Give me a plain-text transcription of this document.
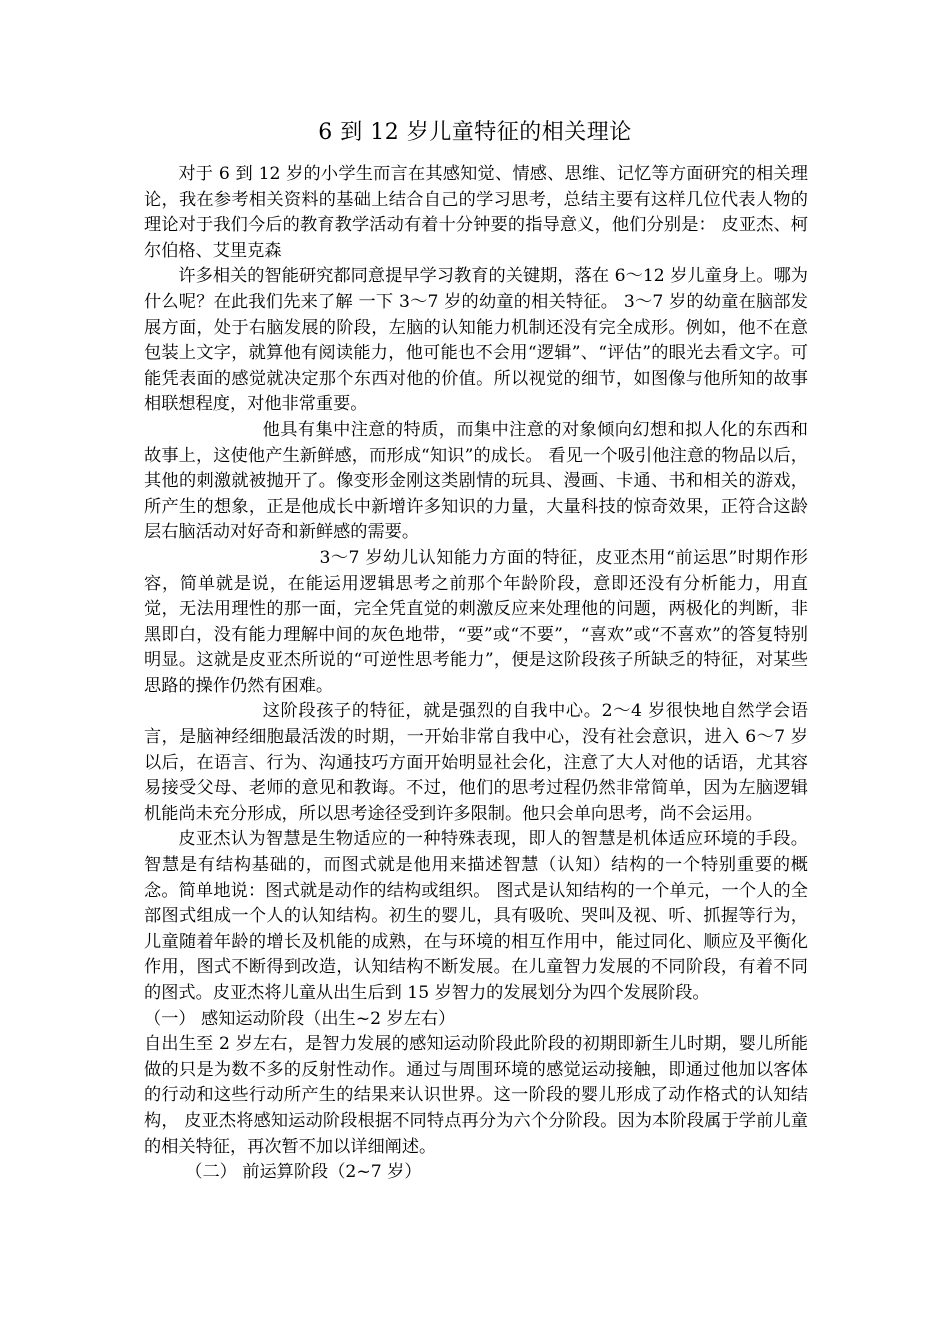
6 到 12 岁儿童特征的相关理论

对于 6 到 12 岁的小学生而言在其感知觉、情感、思维、记忆等方面研究的相关理论，我在参考相关资料的基础上结合自己的学习思考，总结主要有这样几位代表人物的理论对于我们今后的教育教学活动有着十分钟要的指导意义，他们分别是： 皮亚杰、柯尔伯格、艾里克森

许多相关的智能研究都同意提早学习教育的关键期，落在 6～12 岁儿童身上。哪为什么呢？在此我们先来了解 一下 3～7 岁的幼童的相关特征。 3～7 岁的幼童在脑部发展方面，处于右脑发展的阶段，左脑的认知能力机制还没有完全成形。例如，他不在意包装上文字，就算他有阅读能力，他可能也不会用“逻辑”、“评估”的眼光去看文字。可能凭表面的感觉就决定那个东西对他的价值。所以视觉的细节，如图像与他所知的故事相联想程度，对他非常重要。

他具有集中注意的特质，而集中注意的对象倾向幻想和拟人化的东西和故事上，这使他产生新鲜感，而形成“知识”的成长。 看见一个吸引他注意的物品以后，其他的刺激就被抛开了。像变形金刚这类剧情的玩具、漫画、卡通、书和相关的游戏，所产生的想象，正是他成长中新增许多知识的力量，大量科技的惊奇效果，正符合这龄层右脑活动对好奇和新鲜感的需要。

3～7 岁幼儿认知能力方面的特征，皮亚杰用“前运思”时期作形容，简单就是说，在能运用逻辑思考之前那个年龄阶段，意即还没有分析能力，用直觉，无法用理性的那一面，完全凭直觉的刺激反应来处理他的问题，两极化的判断，非黑即白，没有能力理解中间的灰色地带，“要”或“不要”，“喜欢”或“不喜欢”的答复特别明显。这就是皮亚杰所说的“可逆性思考能力”，便是这阶段孩子所缺乏的特征，对某些思路的操作仍然有困难。

这阶段孩子的特征，就是强烈的自我中心。2～4 岁很快地自然学会语言，是脑神经细胞最活泼的时期，一开始非常自我中心，没有社会意识，进入 6～7 岁以后，在语言、行为、沟通技巧方面开始明显社会化，注意了大人对他的话语，尤其容易接受父母、老师的意见和教诲。不过，他们的思考过程仍然非常简单，因为左脑逻辑机能尚未充分形成，所以思考途径受到许多限制。他只会单向思考，尚不会运用。

皮亚杰认为智慧是生物适应的一种特殊表现，即人的智慧是机体适应环境的手段。智慧是有结构基础的，而图式就是他用来描述智慧（认知）结构的一个特别重要的概念。简单地说：图式就是动作的结构或组织。 图式是认知结构的一个单元，一个人的全部图式组成一个人的认知结构。初生的婴儿，具有吸吮、哭叫及视、听、抓握等行为，儿童随着年龄的增长及机能的成熟，在与环境的相互作用中，能过同化、顺应及平衡化作用，图式不断得到改造，认知结构不断发展。在儿童智力发展的不同阶段，有着不同的图式。皮亚杰将儿童从出生后到 15 岁智力的发展划分为四个发展阶段。

（一） 感知运动阶段（出生~2 岁左右）

自出生至 2 岁左右，是智力发展的感知运动阶段此阶段的初期即新生儿时期，婴儿所能做的只是为数不多的反射性动作。通过与周围环境的感觉运动接触，即通过他加以客体的行动和这些行动所产生的结果来认识世界。这一阶段的婴儿形成了动作格式的认知结构， 皮亚杰将感知运动阶段根据不同特点再分为六个分阶段。因为本阶段属于学前儿童的相关特征，再次暂不加以详细阐述。

（二） 前运算阶段（2~7 岁）
